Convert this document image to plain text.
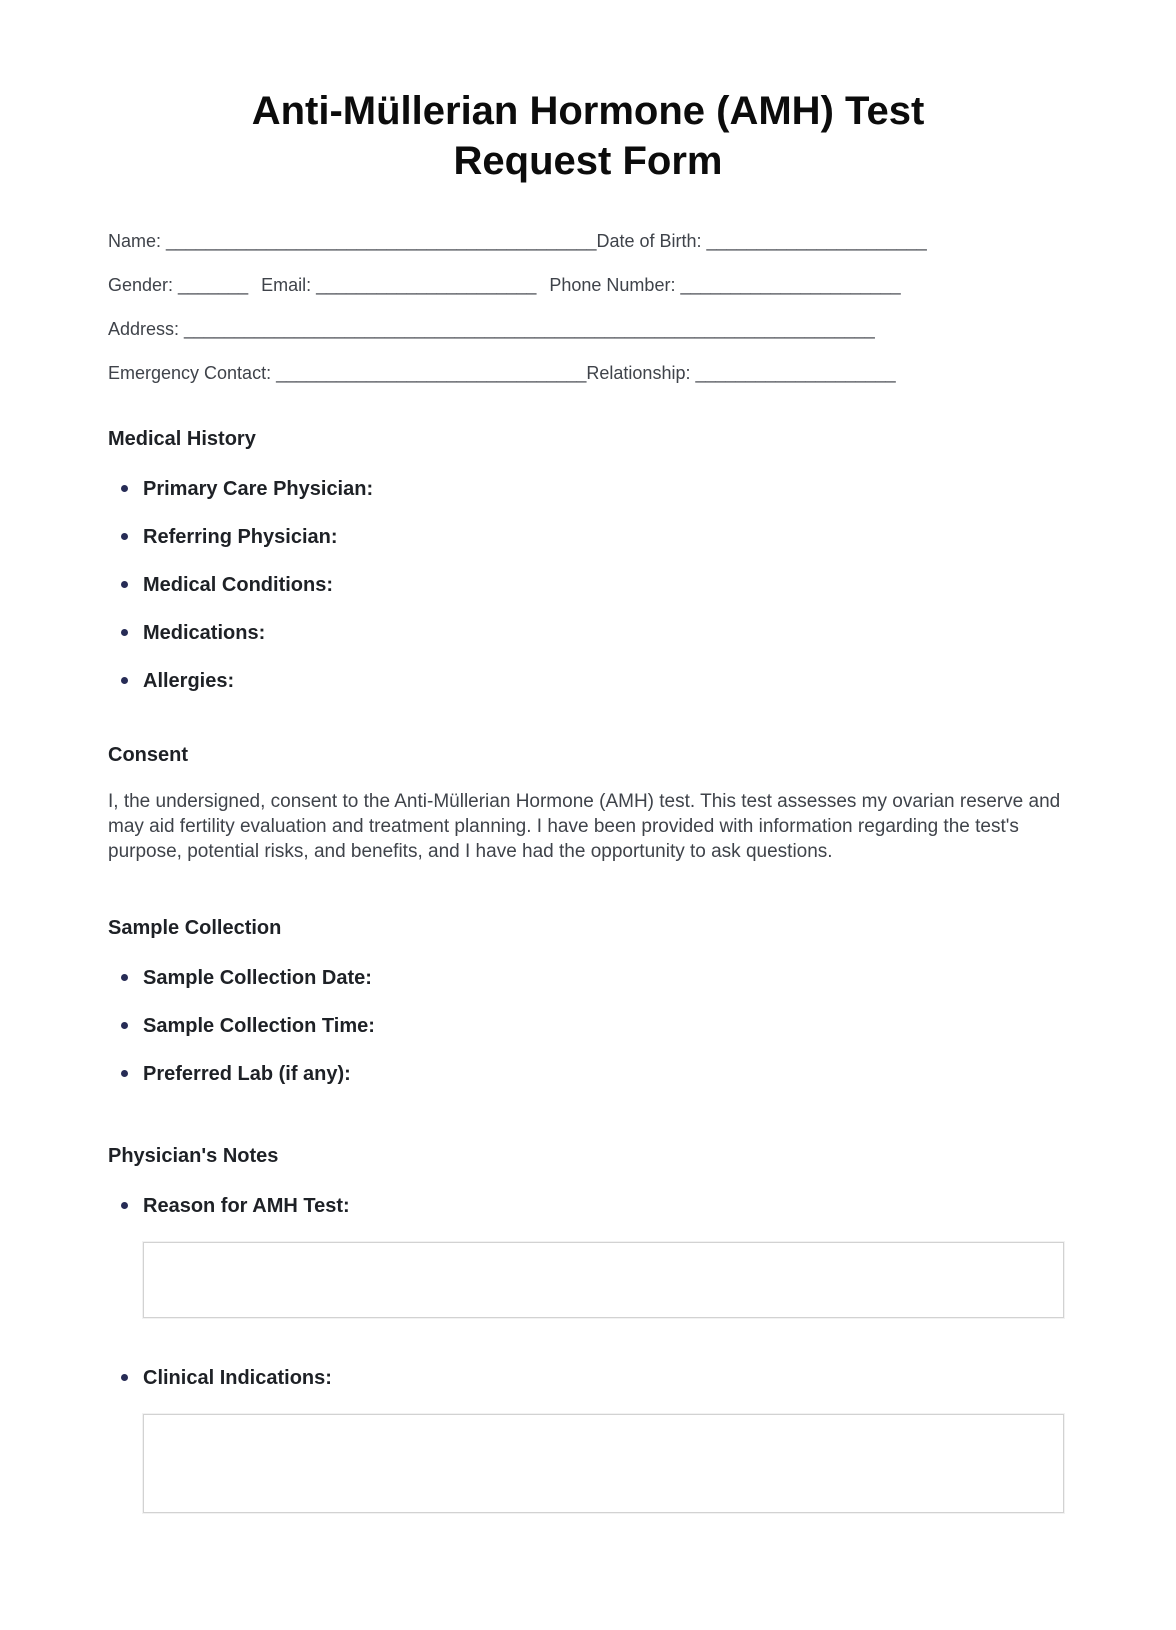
Anti-Müllerian Hormone (AMH) Test
Request Form

Name: ___________________________________________Date of Birth: ______________________

Gender: _______ Email: ______________________ Phone Number: ______________________

Address: _____________________________________________________________________

Emergency Contact: _______________________________Relationship: ____________________

Medical History
Primary Care Physician:
Referring Physician:
Medical Conditions:
Medications:
Allergies:
Consent

I, the undersigned, consent to the Anti-Müllerian Hormone (AMH) test. This test assesses my ovarian reserve and may aid fertility evaluation and treatment planning. I have been provided with information regarding the test's purpose, potential risks, and benefits, and I have had the opportunity to ask questions.

Sample Collection
Sample Collection Date:
Sample Collection Time:
Preferred Lab (if any):
Physician's Notes
Reason for AMH Test:
Clinical Indications:
